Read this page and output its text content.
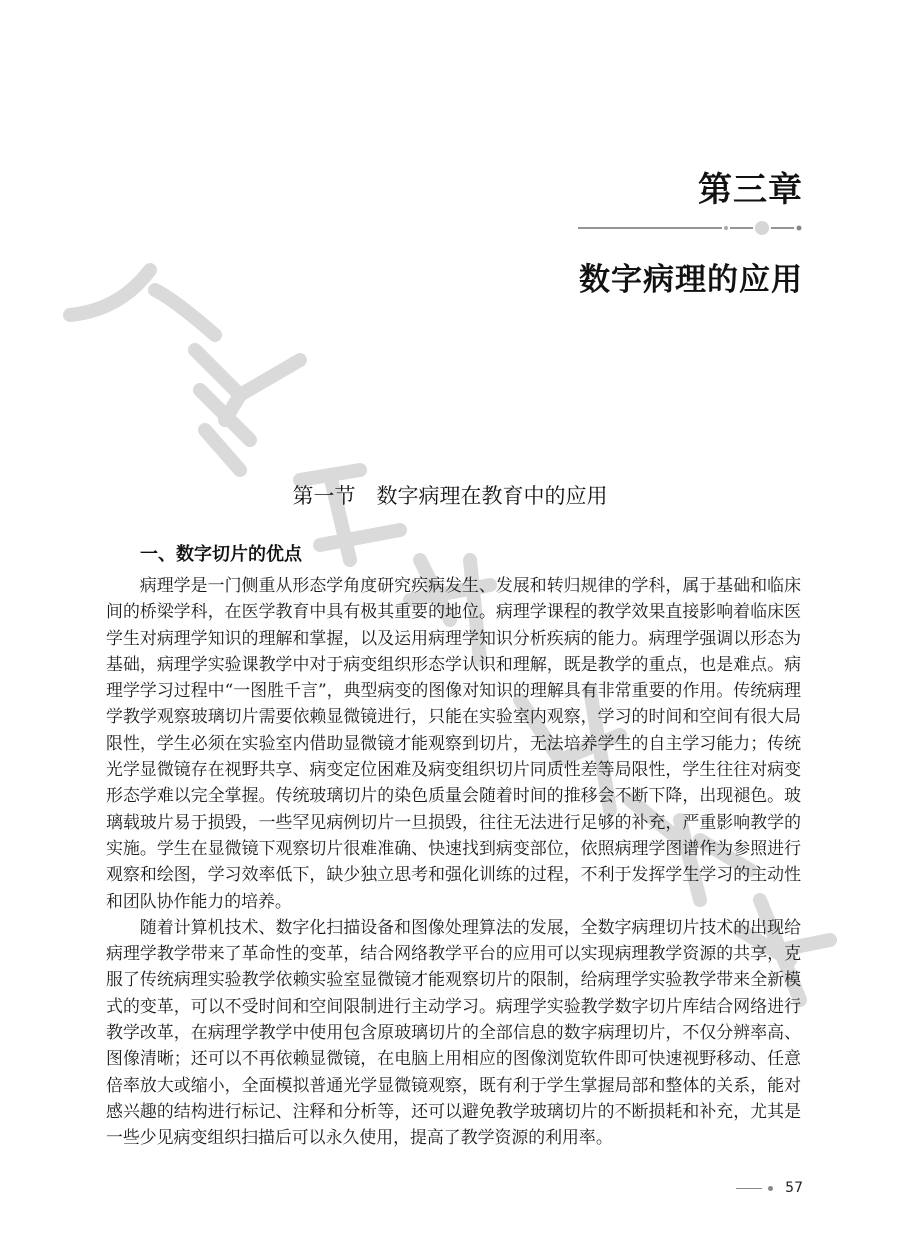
第三章
数字病理的应用
第一节　数字病理在教育中的应用
一、数字切片的优点

病理学是一门侧重从形态学角度研究疾病发生、发展和转归规律的学科，属于基础和临床间的桥梁学科，在医学教育中具有极其重要的地位。病理学课程的教学效果直接影响着临床医学生对病理学知识的理解和掌握，以及运用病理学知识分析疾病的能力。病理学强调以形态为基础，病理学实验课教学中对于病变组织形态学认识和理解，既是教学的重点，也是难点。病理学学习过程中“一图胜千言”，典型病变的图像对知识的理解具有非常重要的作用。传统病理学教学观察玻璃切片需要依赖显微镜进行，只能在实验室内观察，学习的时间和空间有很大局限性，学生必须在实验室内借助显微镜才能观察到切片，无法培养学生的自主学习能力；传统光学显微镜存在视野共享、病变定位困难及病变组织切片同质性差等局限性，学生往往对病变形态学难以完全掌握。传统玻璃切片的染色质量会随着时间的推移会不断下降，出现褪色。玻璃载玻片易于损毁，一些罕见病例切片一旦损毁，往往无法进行足够的补充，严重影响教学的实施。学生在显微镜下观察切片很难准确、快速找到病变部位，依照病理学图谱作为参照进行观察和绘图，学习效率低下，缺少独立思考和强化训练的过程，不利于发挥学生学习的主动性和团队协作能力的培养。

随着计算机技术、数字化扫描设备和图像处理算法的发展，全数字病理切片技术的出现给病理学教学带来了革命性的变革，结合网络教学平台的应用可以实现病理教学资源的共享，克服了传统病理实验教学依赖实验室显微镜才能观察切片的限制，给病理学实验教学带来全新模式的变革，可以不受时间和空间限制进行主动学习。病理学实验教学数字切片库结合网络进行教学改革，在病理学教学中使用包含原玻璃切片的全部信息的数字病理切片，不仅分辨率高、图像清晰；还可以不再依赖显微镜，在电脑上用相应的图像浏览软件即可快速视野移动、任意倍率放大或缩小，全面模拟普通光学显微镜观察，既有利于学生掌握局部和整体的关系，能对感兴趣的结构进行标记、注释和分析等，还可以避免教学玻璃切片的不断损耗和补充，尤其是一些少见病变组织扫描后可以永久使用，提高了教学资源的利用率。

57
